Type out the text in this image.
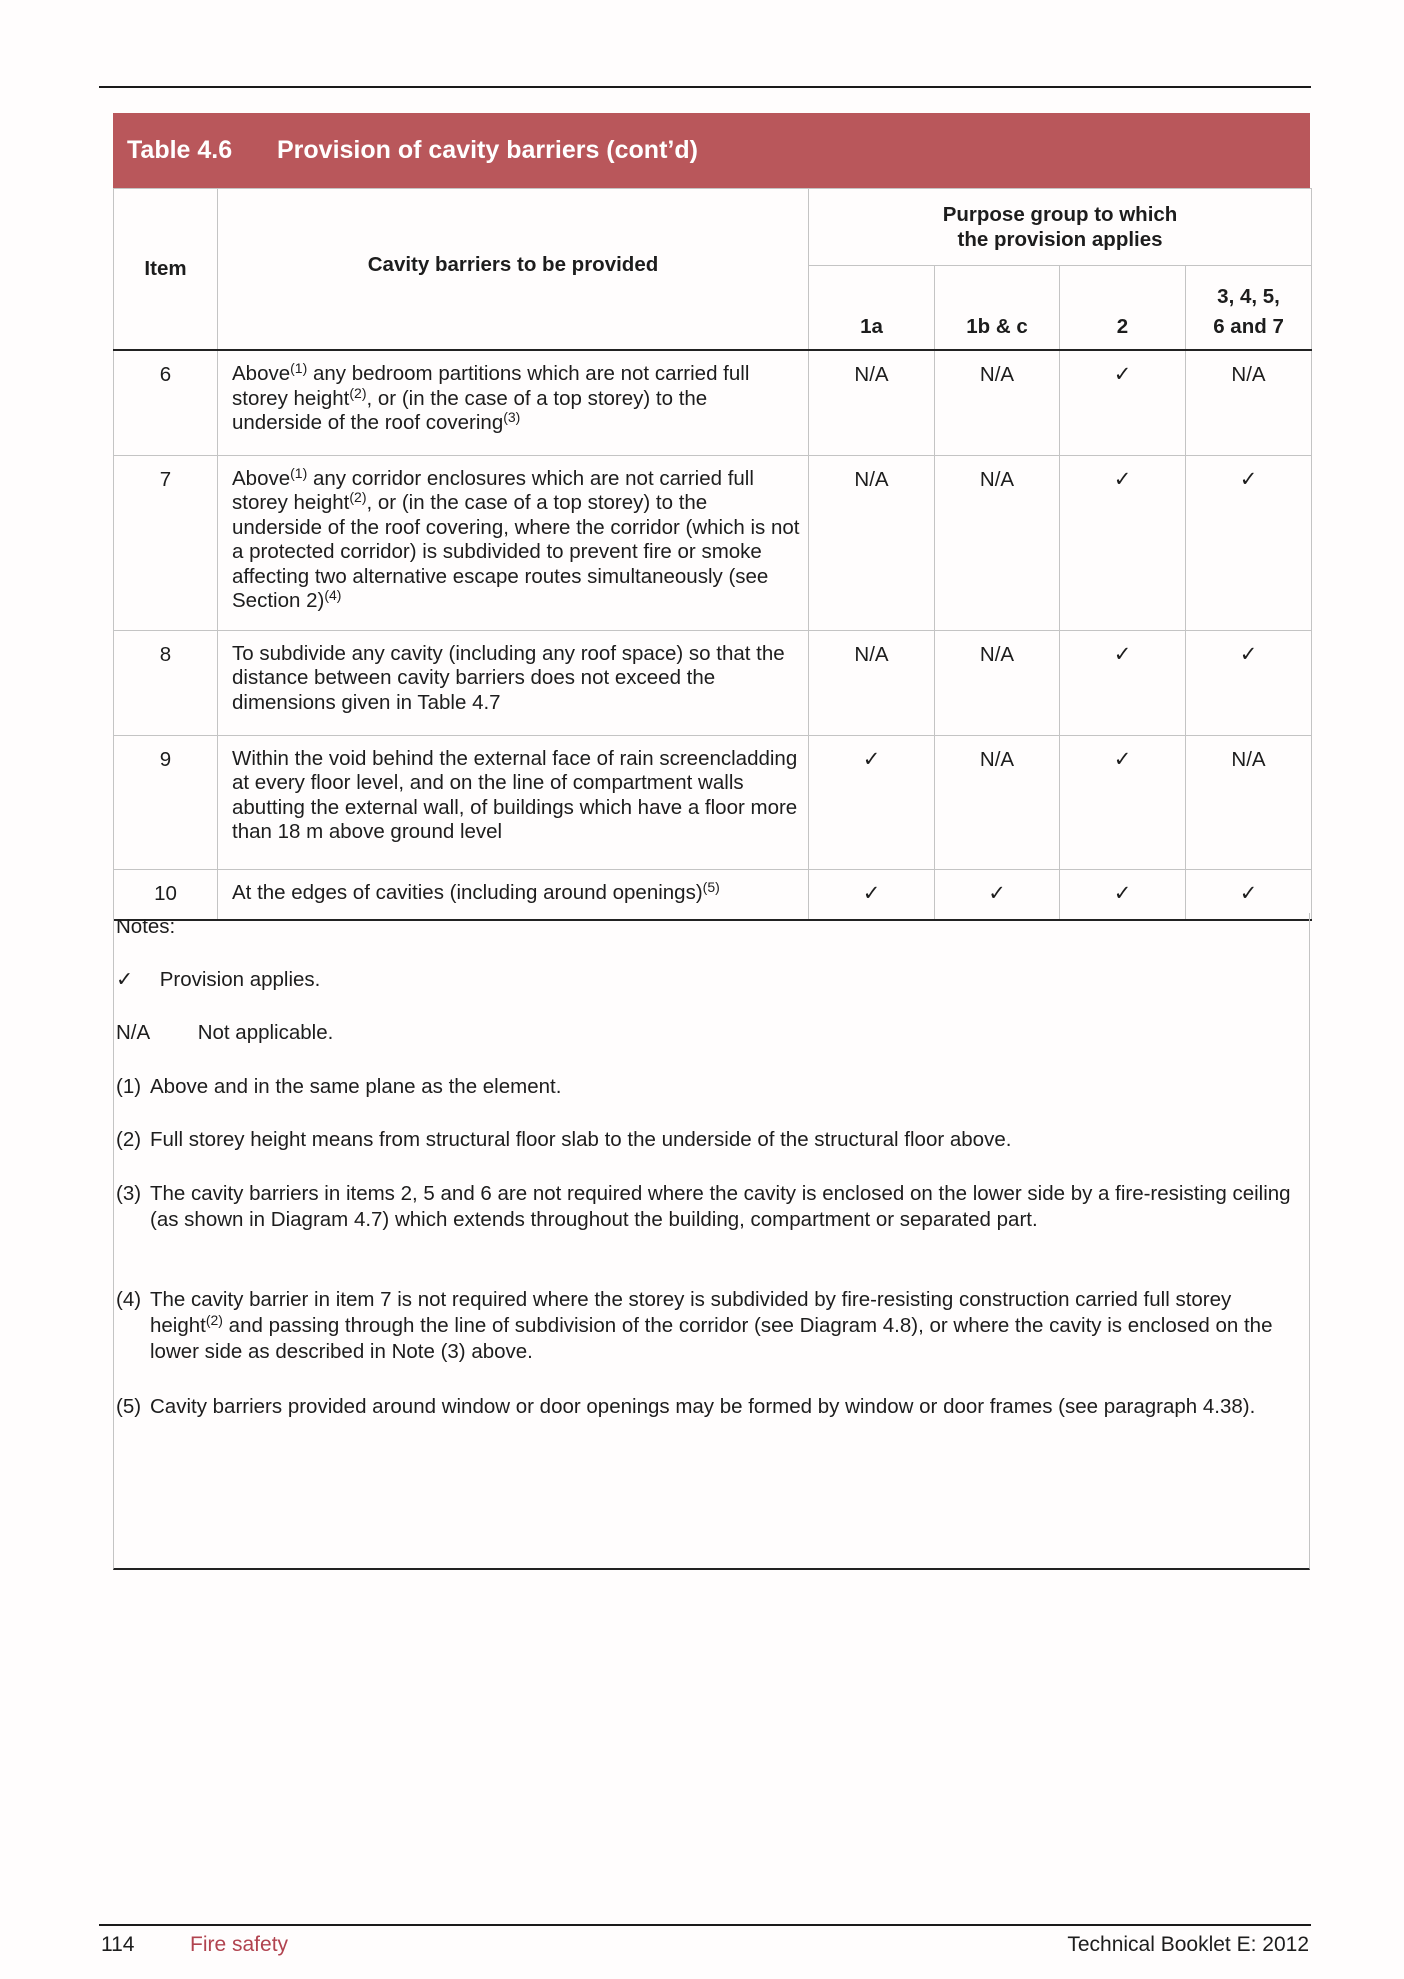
Table 4.6	Provision of cavity barriers (cont’d)
Item	Cavity barriers to be provided	Purpose group to which
the provision applies			

		1a	1b & c	2	3, 4, 5,
6 and 7

6	Above$^{(1)}$ any bedroom partitions which are not carried full storey height$^{(2)}$, or (in the case of a top storey) to the underside of the roof covering$^{(3)}$	N/A	N/A	✓	N/A
7	Above$^{(1)}$ any corridor enclosures which are not carried full storey height$^{(2)}$, or (in the case of a top storey) to the underside of the roof covering, where the corridor (which is not a protected corridor) is subdivided to prevent fire or smoke affecting two alternative escape routes simultaneously (see Section 2)$^{(4)}$	N/A	N/A	✓	✓
8	To subdivide any cavity (including any roof space) so that the distance between cavity barriers does not exceed the dimensions given in Table 4.7	N/A	N/A	✓	✓
9	Within the void behind the external face of rain screencladding at every floor level, and on the line of compartment walls abutting the external wall, of buildings which have a floor more than 18 m above ground level	✓	N/A	✓	N/A
10	At the edges of cavities (including around openings)$^{(5)}$	✓	✓	✓	✓
Notes:
✓ Provision applies.
N/A Not applicable.
(1) Above and in the same plane as the element.
(2) Full storey height means from structural floor slab to the underside of the structural floor above.
(3) The cavity barriers in items 2, 5 and 6 are not required where the cavity is enclosed on the lower side by a fire-resisting ceiling (as shown in Diagram 4.7) which extends throughout the building, compartment or separated part.
(4) The cavity barrier in item 7 is not required where the storey is subdivided by fire-resisting construction carried full storey height$^{(2)}$ and passing through the line of subdivision of the corridor (see Diagram 4.8), or where the cavity is enclosed on the lower side as described in Note (3) above.
(5) Cavity barriers provided around window or door openings may be formed by window or door frames (see paragraph 4.38).
114	Fire safety	Technical Booklet E: 2012
